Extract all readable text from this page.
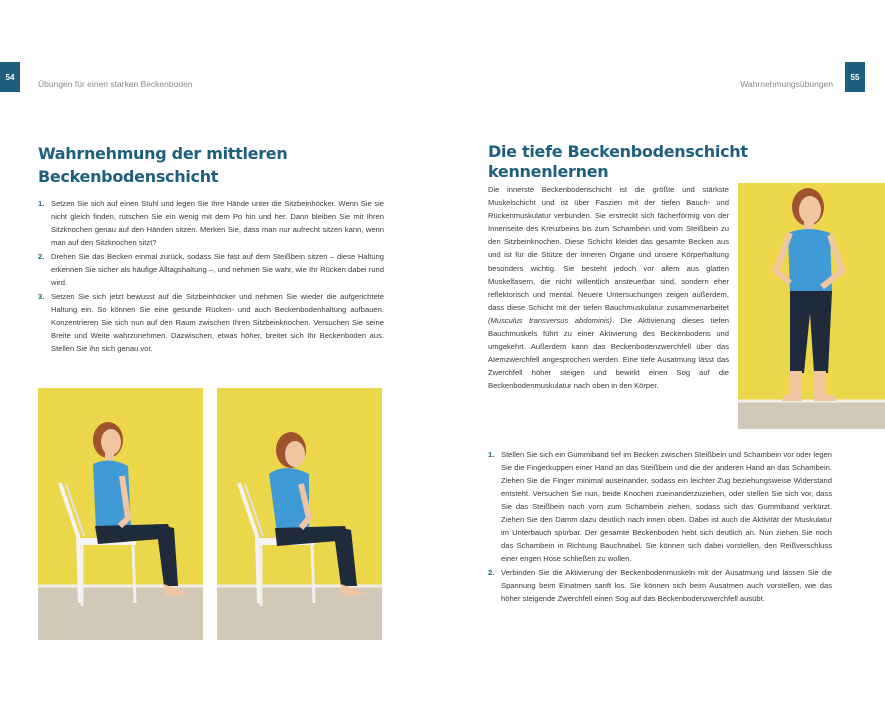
54
Übungen für einen starken Beckenboden	Wahrnehmungsübungen
55
Wahrnehmung der mittleren
Beckenbodenschicht
1. Setzen Sie sich auf einen Stuhl und legen Sie Ihre Hände unter die Sitzbeinhöcker. Wenn Sie sie nicht gleich finden, rutschen Sie ein wenig mit dem Po hin und her. Dann bleiben Sie mit Ihren Sitzknochen genau auf den Händen sitzen. Merken Sie, dass man nur aufrecht sitzen kann, wenn man auf den Sitzknochen sitzt?
2. Drehen Sie das Becken einmal zurück, sodass Sie fast auf dem Steißbein sitzen – diese Haltung erkennen Sie sicher als häufige Alltagshaltung –, und nehmen Sie wahr, wie Ihr Rücken dabei rund wird.
3. Setzen Sie sich jetzt bewusst auf die Sitzbeinhöcker und nehmen Sie wieder die aufgerichtete Haltung ein. So können Sie eine gesunde Rücken- und auch Beckenbodenhaltung aufbauen. Konzentrieren Sie sich nun auf den Raum zwischen Ihren Sitzbeinknochen. Versuchen Sie seine Breite und Weite wahrzunehmen. Dazwischen, etwas höher, breitet sich Ihr Beckenboden aus. Stellen Sie ihn sich genau vor.
Die tiefe Beckenbodenschicht kennenlernen

Die innerste Beckenbodenschicht ist die größte und stärkste Muskelschicht und ist über Faszien mit der tiefen Bauch- und Rückenmuskulatur verbunden. Sie erstreckt sich fächerförmig von der Innenseite des Kreuzbeins bis zum Schambein und vom Steißbein zu den Sitzbeinknochen. Diese Schicht kleidet das gesamte Becken aus und ist für die Stütze der inneren Organe und unsere Körperhaltung besonders wichtig. Sie besteht jedoch vor allem aus glatten Muskelfasern, die nicht willentlich ansteuerbar sind, sondern eher reflektorisch und mental. Neuere Untersuchungen zeigen außerdem, dass diese Schicht mit der tiefen Bauchmuskulatur zusammenarbeitet (Musculus transversus abdominis). Die Aktivierung dieses tiefen Bauchmuskels führt zu einer Aktivierung des Beckenbodens und umgekehrt. Außerdem kann das Beckenbodenzwerchfell über das Atemzwerchfell angesprochen werden. Eine tiefe Ausatmung lässt das Zwerchfell höher steigen und bewirkt einen Sog auf die Beckenbodenmuskulatur nach oben in den Körper.

1. Stellen Sie sich ein Gummiband tief im Becken zwischen Steißbein und Schambein vor oder legen Sie die Fingerkuppen einer Hand an das Steißbein und die der anderen Hand an das Schambein. Ziehen Sie die Finger minimal auseinander, sodass ein leichter Zug beziehungsweise Widerstand entsteht. Versuchen Sie nun, beide Knochen zueinanderzuziehen, oder stellen Sie sich vor, dass Sie das Steißbein nach vorn zum Schambein ziehen, sodass sich das Gummiband verkürzt. Ziehen Sie den Damm dazu deutlich nach innen oben. Dabei ist auch die Aktivität der Muskulatur im Unterbauch spürbar. Der gesamte Beckenboden hebt sich deutlich an. Nun ziehen Sie noch das Schambein in Richtung Bauchnabel. Sie können sich dabei vorstellen, den Reißverschluss einer engen Hose schließen zu wollen.
2. Verbinden Sie die Aktivierung der Beckenbodenmuskeln mit der Ausatmung und lassen Sie die Spannung beim Einatmen sanft los. Sie können sich beim Ausatmen auch vorstellen, wie das höher steigende Zwerchfell einen Sog auf das Beckenbodenzwerchfell ausübt.
